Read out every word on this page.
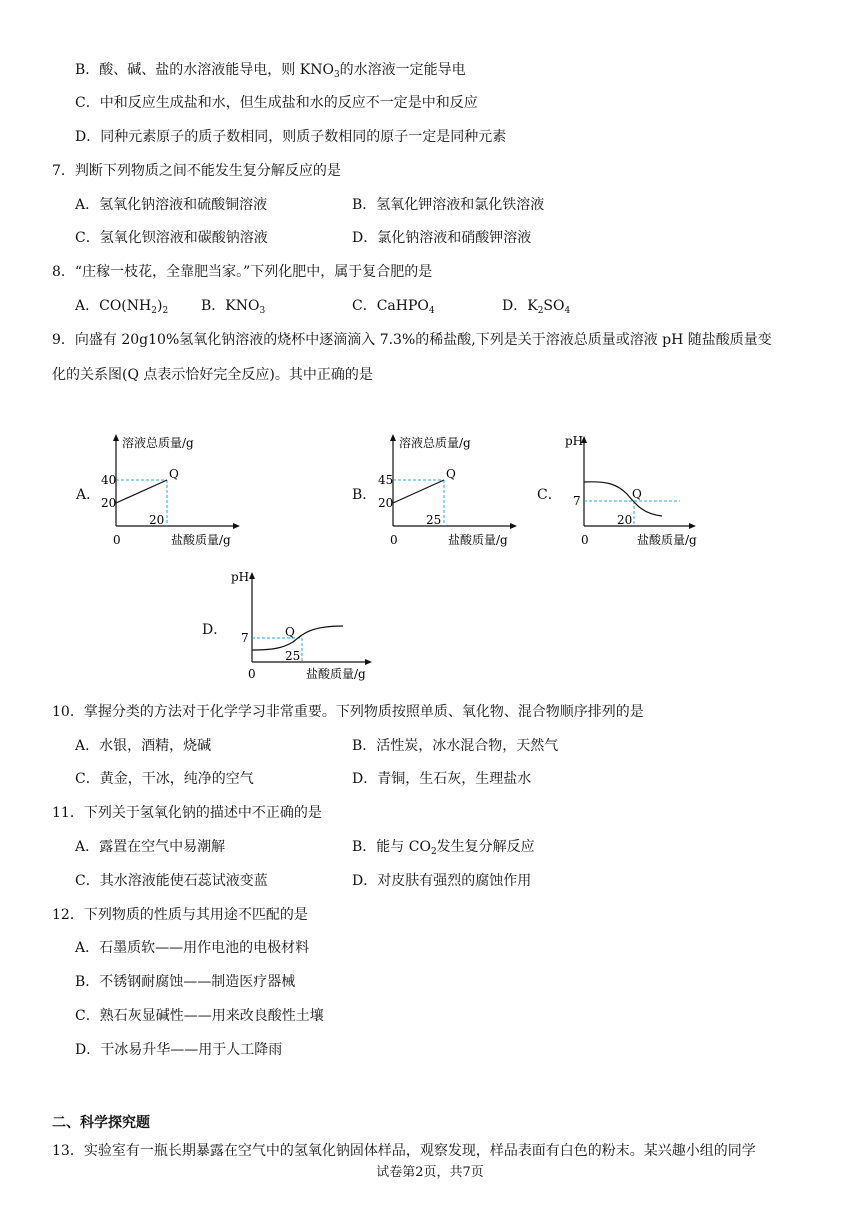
B．酸、碱、盐的水溶液能导电，则 $KNO_3$的水溶液一定能导电
C．中和反应生成盐和水，但生成盐和水的反应不一定是中和反应
D．同种元素原子的质子数相同，则质子数相同的原子一定是同种元素
7．判断下列物质之间不能发生复分解反应的是
A．氢氧化钠溶液和硫酸铜溶液	B．氢氧化钾溶液和氯化铁溶液
C．氢氧化钡溶液和碳酸钠溶液	D．氯化钠溶液和硝酸钾溶液
8．“庄稼一枝花，全靠肥当家。”下列化肥中，属于复合肥的是
A．$CO(NH_2)_2$ B．$KNO_3$	C．CaHPO$_4$	D．$K_2SO_4$
9．向盛有 20g10%氢氧化钠溶液的烧杯中逐滴滴入 7.3%的稀盐酸,下列是关于溶液总质量或溶液 pH 随盐酸质量变
化的关系图(Q 点表示恰好完全反应)。其中正确的是
A．
溶液总质量/g
40
20
Q
20
0	盐酸质量/g
B．
溶液总质量/g
45
20
Q
25
0	盐酸质量/g
C．
pH
7	Q
20
0	盐酸质量/g
D．
pH
7	Q
25
0	盐酸质量/g
10．掌握分类的方法对于化学学习非常重要。下列物质按照单质、氧化物、混合物顺序排列的是
A．水银，酒精，烧碱	B．活性炭，冰水混合物，天然气
C．黄金，干冰，纯净的空气	D．青铜，生石灰，生理盐水
11．下列关于氢氧化钠的描述中不正确的是
A．露置在空气中易潮解	B．能与 $CO_2$发生复分解反应
C．其水溶液能使石蕊试液变蓝	D．对皮肤有强烈的腐蚀作用
12．下列物质的性质与其用途不匹配的是
A．石墨质软——用作电池的电极材料
B．不锈钢耐腐蚀——制造医疗器械
C．熟石灰显碱性——用来改良酸性土壤
D．干冰易升华——用于人工降雨
二、科学探究题
13．实验室有一瓶长期暴露在空气中的氢氧化钠固体样品，观察发现，样品表面有白色的粉末。某兴趣小组的同学
试卷第2页，共7页
